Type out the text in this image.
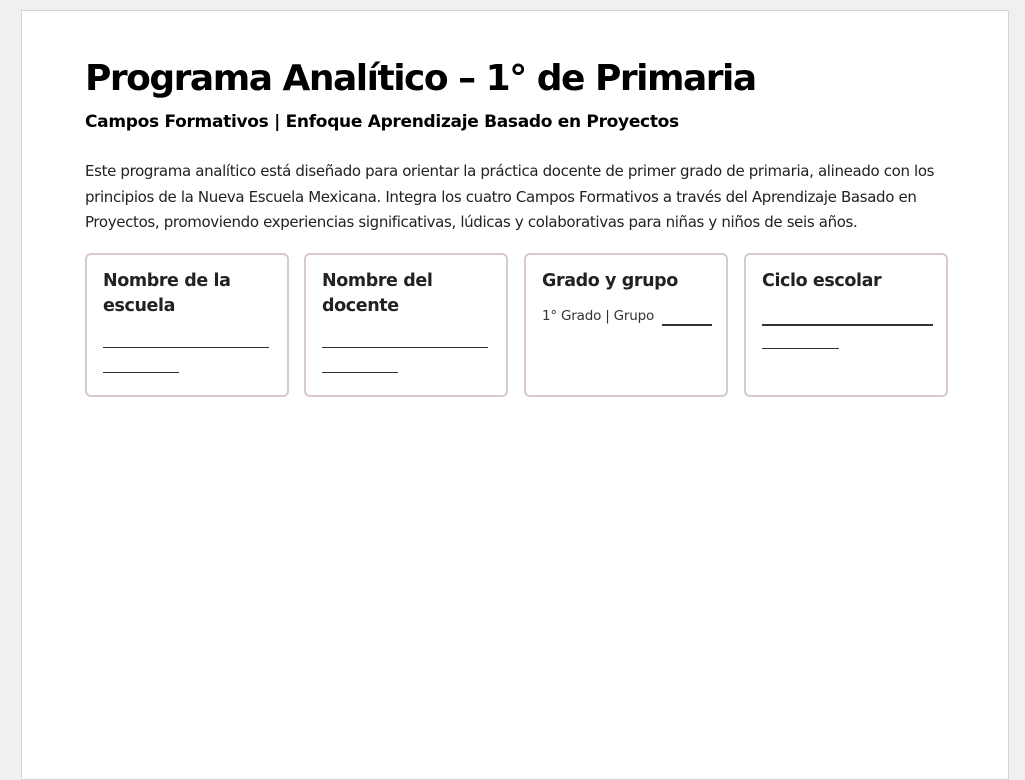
Programa Analítico – 1° de Primaria
Campos Formativos | Enfoque Aprendizaje Basado en Proyectos

Este programa analítico está diseñado para orientar la práctica docente de primer grado de primaria, alineado con los principios de la Nueva Escuela Mexicana. Integra los cuatro Campos Formativos a través del Aprendizaje Basado en Proyectos, promoviendo experiencias significativas, lúdicas y colaborativas para niñas y niños de seis años.

Nombre de la escuela
Nombre del docente
Grado y grupo
1° Grado | Grupo
Ciclo escolar
